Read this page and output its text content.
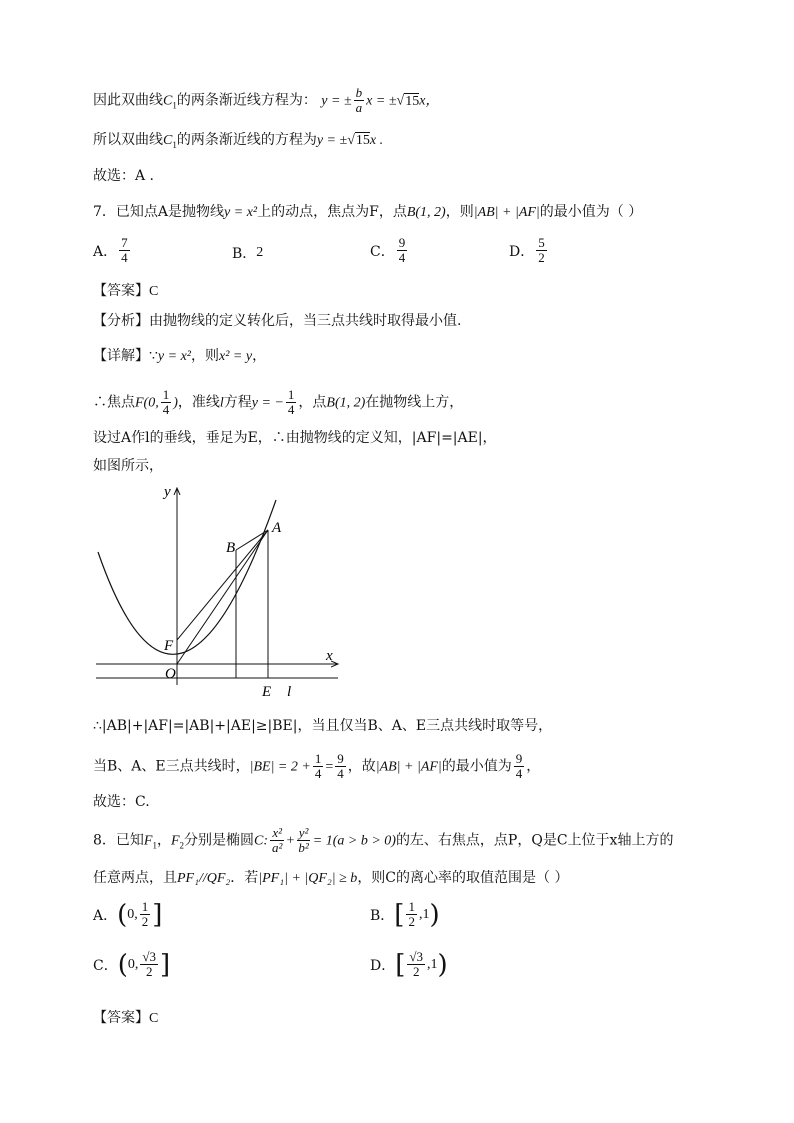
因此双曲线$C_1$的两条渐近线方程为： y = ± $\frac{b}{a}$ x = ±√15x，
所以双曲线$C_1$的两条渐近线的方程为y = ±√15x .
故选：A .
7．已知点A是抛物线y = x²上的动点，焦点为F，点B(1, 2)，则|AB| + |AF|的最小值为（ ）
A． $\frac{7}{4}$	B． 2	C． $\frac{9}{4}$	D． $\frac{5}{2}$
【答案】C
【分析】由抛物线的定义转化后，当三点共线时取得最小值.
【详解】∵y = x²，则x² = y，
∴焦点F(0, $\frac{1}{4}$ )，准线l方程y = − $\frac{1}{4}$ ，点B(1, 2)在抛物线上方，
设过A作l的垂线，垂足为E，∴由抛物线的定义知，|AF|=|AE|，
如图所示，
y
x
A
B
F
O
E l
∴|AB|+|AF|=|AB|+|AE|≥|BE|，当且仅当B、A、E三点共线时取等号，
当B、A、E三点共线时，$|BE| = 2 + \frac{1}{4} = \frac{9}{4}$ ，故|AB| + |AF|的最小值为 $\frac{9}{4}$ ，
故选：C.
8．已知$F_1$，$F_2$分别是椭圆C: $\frac{\text{x²}}{\text{a²}} + \frac{\text{y²}}{\text{b²}} = 1(a > b > 0)$的左、右焦点，点P，Q是C上位于x轴上方的
任意两点，且PF₁//QF₂．若|PF₁| + |QF₂| ≥ b，则C的离心率的取值范围是（ ）
A． ( 0, $\frac{1}{2}$ ]	B． [ $\frac{1}{2} ,1$ )
C． ( 0, $\frac{√3}{2}$ ]	D． [ $\frac{√3}{2} ,1$ )
【答案】C
